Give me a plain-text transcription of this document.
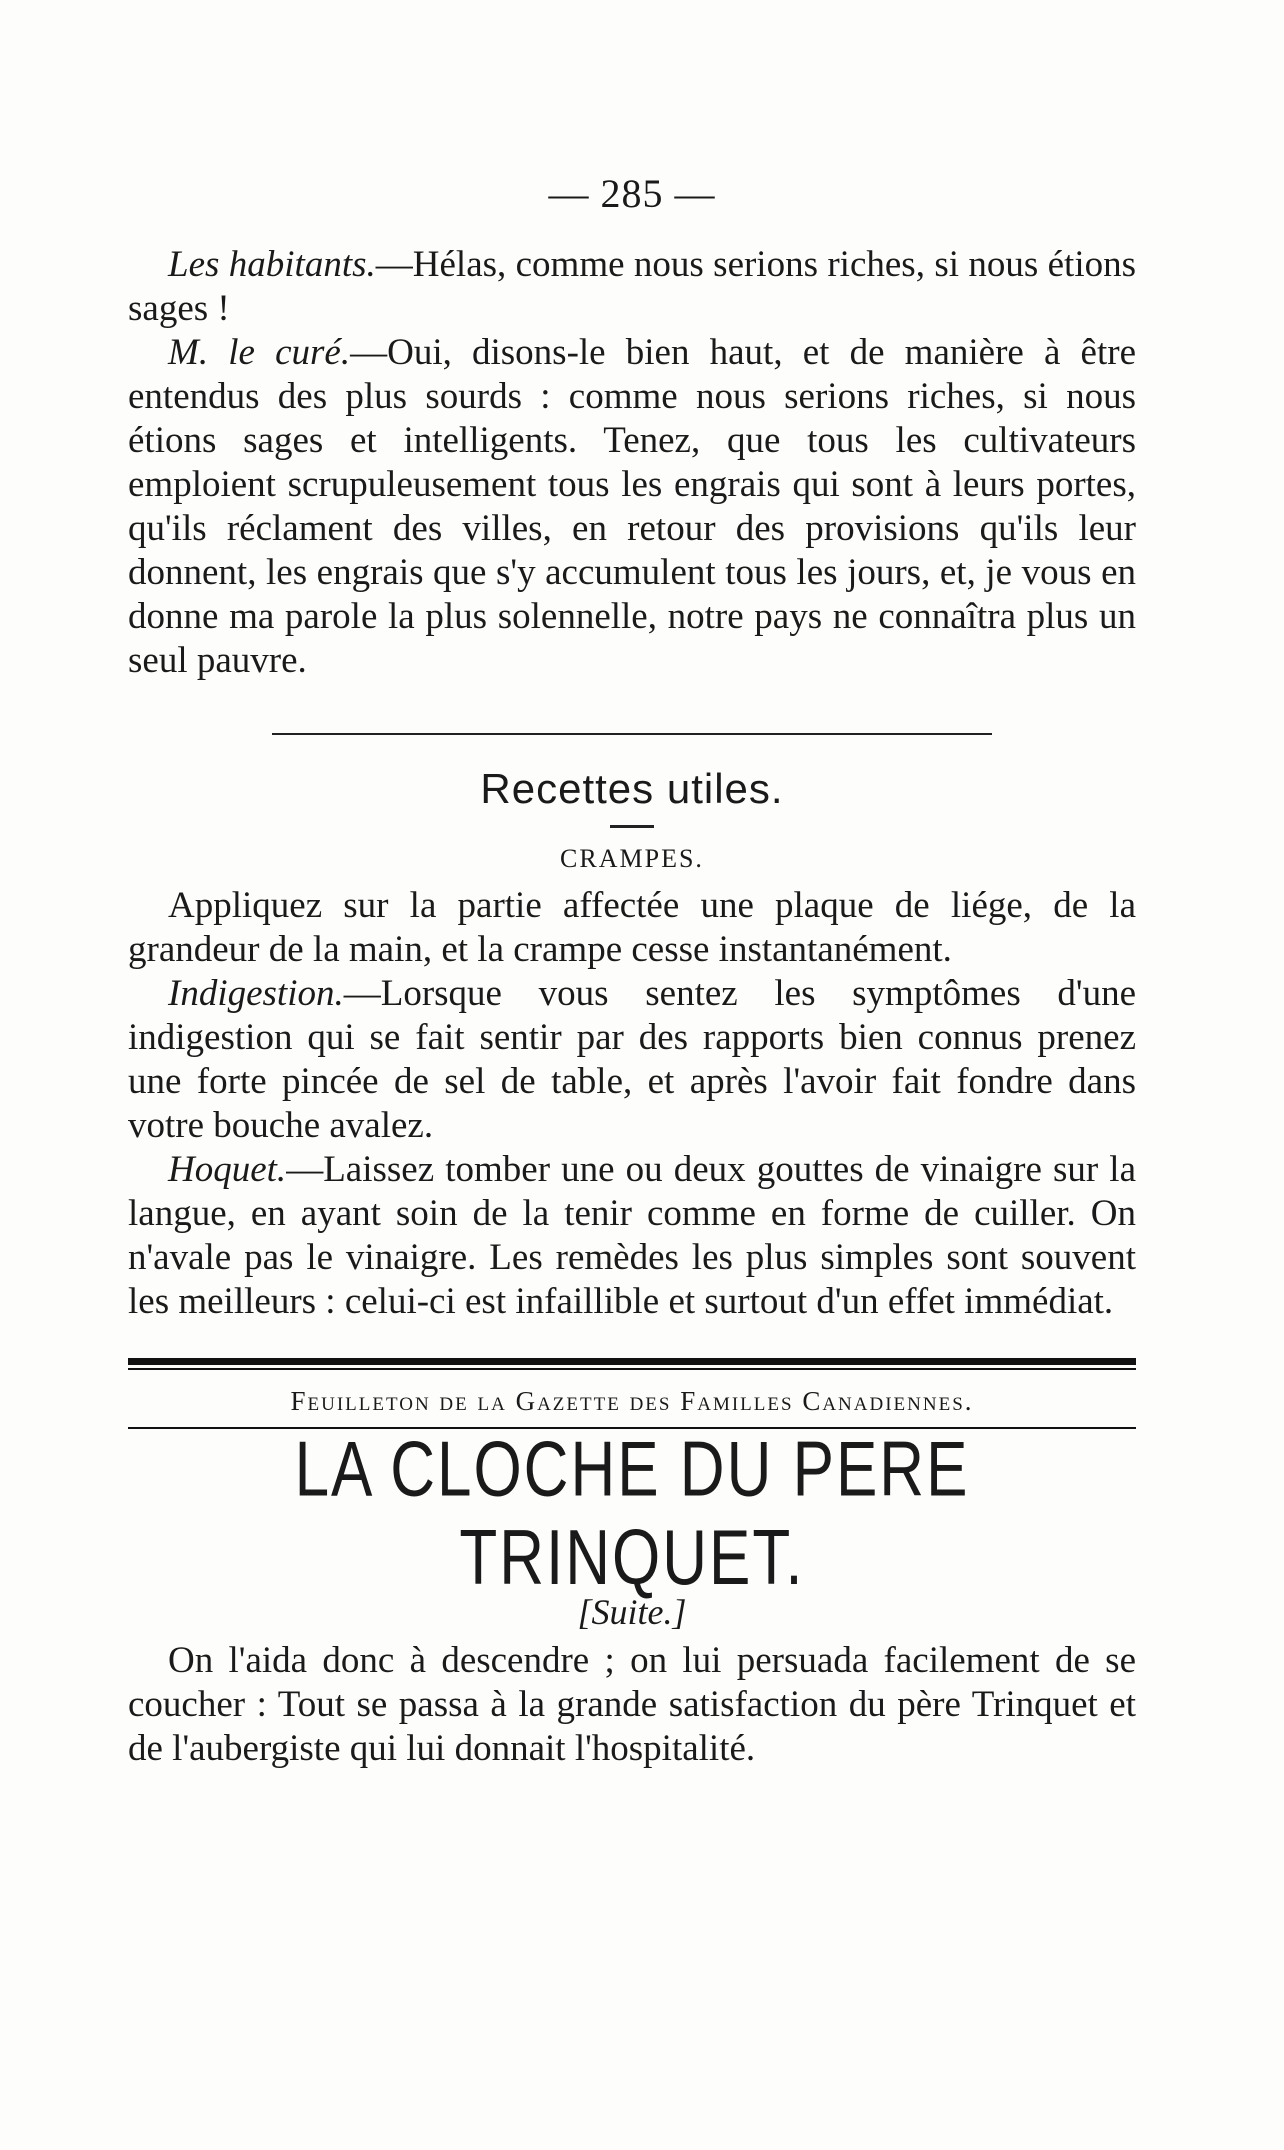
— 285 —

Les habitants.—Hélas, comme nous serions riches, si nous étions sages !

M. le curé.—Oui, disons-le bien haut, et de manière à être entendus des plus sourds : comme nous serions riches, si nous étions sages et intelligents. Tenez, que tous les cultivateurs emploient scrupuleusement tous les engrais qui sont à leurs portes, qu'ils réclament des villes, en retour des provisions qu'ils leur donnent, les engrais que s'y accumulent tous les jours, et, je vous en donne ma parole la plus solennelle, notre pays ne connaîtra plus un seul pauvre.

Recettes utiles.
CRAMPES.

Appliquez sur la partie affectée une plaque de liége, de la grandeur de la main, et la crampe cesse instantanément.

Indigestion.—Lorsque vous sentez les symptômes d'une indigestion qui se fait sentir par des rapports bien connus prenez une forte pincée de sel de table, et après l'avoir fait fondre dans votre bouche avalez.

Hoquet.—Laissez tomber une ou deux gouttes de vinaigre sur la langue, en ayant soin de la tenir comme en forme de cuiller. On n'avale pas le vinaigre. Les remèdes les plus simples sont souvent les meilleurs : celui-ci est infaillible et surtout d'un effet immédiat.

Feuilleton de la Gazette des Familles Canadiennes.
LA CLOCHE DU PERE TRINQUET.
[Suite.]

On l'aida donc à descendre ; on lui persuada facilement de se coucher : Tout se passa à la grande satisfaction du père Trinquet et de l'aubergiste qui lui donnait l'hospitalité.
